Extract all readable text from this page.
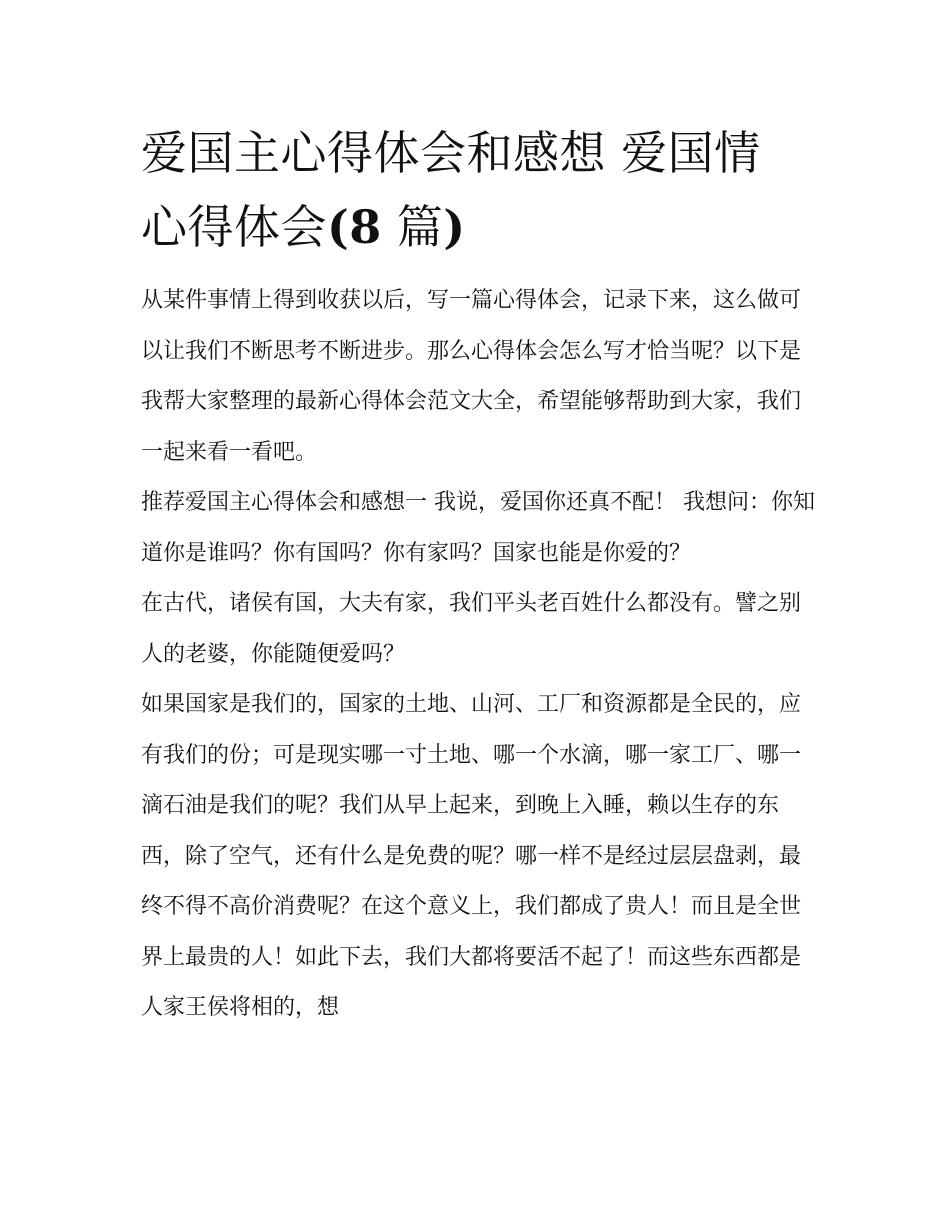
爱国主心得体会和感想 爱国情
心得体会(8 篇)

从某件事情上得到收获以后，写一篇心得体会，记录下来，这么做可以让我们不断思考不断进步。那么心得体会怎么写才恰当呢？以下是我帮大家整理的最新心得体会范文大全，希望能够帮助到大家，我们一起来看一看吧。

推荐爱国主心得体会和感想一 我说，爱国你还真不配！ 我想问：你知道你是谁吗？你有国吗？你有家吗？国家也能是你爱的？

在古代，诸侯有国，大夫有家，我们平头老百姓什么都没有。譬之别人的老婆，你能随便爱吗？

如果国家是我们的，国家的土地、山河、工厂和资源都是全民的，应有我们的份；可是现实哪一寸土地、哪一个水滴，哪一家工厂、哪一滴石油是我们的呢？我们从早上起来，到晚上入睡，赖以生存的东西，除了空气，还有什么是免费的呢？哪一样不是经过层层盘剥，最终不得不高价消费呢？在这个意义上，我们都成了贵人！而且是全世界上最贵的人！如此下去，我们大都将要活不起了！而这些东西都是人家王侯将相的，想
